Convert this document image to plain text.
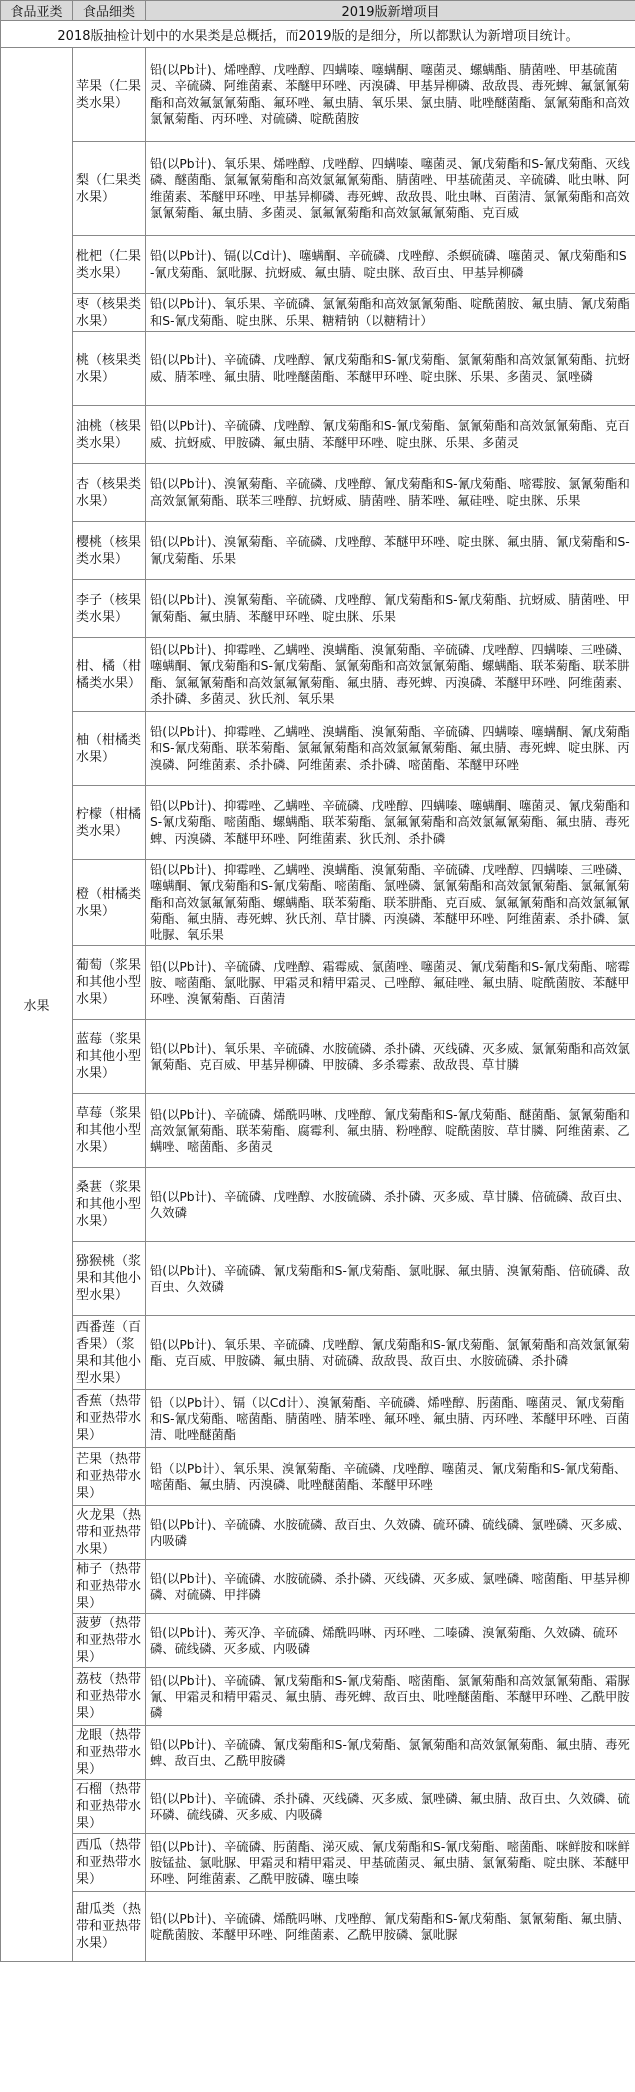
食品亚类	食品细类	2019版新增项目
2018版抽检计划中的水果类是总概括，而2019版的是细分，所以都默认为新增项目统计。		
水果	苹果（仁果类水果）	铅(以Pb计)、烯唑醇、戊唑醇、四螨嗪、噻螨酮、噻菌灵、螺螨酯、腈菌唑、甲基硫菌灵、辛硫磷、阿维菌素、苯醚甲环唑、丙溴磷、甲基异柳磷、敌敌畏、毒死蜱、氟氯氰菊酯和高效氟氯氰菊酯、氟环唑、氟虫腈、氧乐果、氯虫腈、吡唑醚菌酯、氯氰菊酯和高效氯氰菊酯、丙环唑、对硫磷、啶酰菌胺
	梨（仁果类水果）	铅(以Pb计)、氧乐果、烯唑醇、戊唑醇、四螨嗪、噻菌灵、氰戊菊酯和S-氰戊菊酯、灭线磷、醚菌酯、氯氟氰菊酯和高效氯氟氰菊酯、腈菌唑、甲基硫菌灵、辛硫磷、吡虫啉、阿维菌素、苯醚甲环唑、甲基异柳磷、毒死蜱、敌敌畏、吡虫啉、百菌清、氯氰菊酯和高效氯氰菊酯、氟虫腈、多菌灵、氯氟氰菊酯和高效氯氟氰菊酯、克百威
	枇杷（仁果类水果）	铅(以Pb计)、镉(以Cd计)、噻螨酮、辛硫磷、戊唑醇、杀螟硫磷、噻菌灵、氰戊菊酯和S-氰戊菊酯、氯吡脲、抗蚜威、氟虫腈、啶虫脒、敌百虫、甲基异柳磷
	枣（核果类水果）	铅(以Pb计)、氧乐果、辛硫磷、氯氰菊酯和高效氯氰菊酯、啶酰菌胺、氟虫腈、氰戊菊酯和S-氰戊菊酯、啶虫脒、乐果、糖精钠（以糖精计）
	桃（核果类水果）	铅(以Pb计)、辛硫磷、戊唑醇、氰戊菊酯和S-氰戊菊酯、氯氰菊酯和高效氯氰菊酯、抗蚜威、腈苯唑、氟虫腈、吡唑醚菌酯、苯醚甲环唑、啶虫脒、乐果、多菌灵、氯唑磷
	油桃（核果类水果）	铅(以Pb计)、辛硫磷、戊唑醇、氰戊菊酯和S-氰戊菊酯、氯氰菊酯和高效氯氰菊酯、克百威、抗蚜威、甲胺磷、氟虫腈、苯醚甲环唑、啶虫脒、乐果、多菌灵
	杏（核果类水果）	铅(以Pb计)、溴氰菊酯、辛硫磷、戊唑醇、氰戊菊酯和S-氰戊菊酯、嘧霉胺、氯氰菊酯和高效氯氰菊酯、联苯三唑醇、抗蚜威、腈菌唑、腈苯唑、氟硅唑、啶虫脒、乐果
	樱桃（核果类水果）	铅(以Pb计)、溴氰菊酯、辛硫磷、戊唑醇、苯醚甲环唑、啶虫脒、氟虫腈、氰戊菊酯和S-氰戊菊酯、乐果
	李子（核果类水果）	铅(以Pb计)、溴氰菊酯、辛硫磷、戊唑醇、氰戊菊酯和S-氰戊菊酯、抗蚜威、腈菌唑、甲氰菊酯、氟虫腈、苯醚甲环唑、啶虫脒、乐果
	柑、橘（柑橘类水果）	铅(以Pb计)、抑霉唑、乙螨唑、溴螨酯、溴氰菊酯、辛硫磷、戊唑醇、四螨嗪、三唑磷、噻螨酮、氰戊菊酯和S-氰戊菊酯、氯氰菊酯和高效氯氰菊酯、螺螨酯、联苯菊酯、联苯肼酯、氯氟氰菊酯和高效氯氟氰菊酯、氟虫腈、毒死蜱、丙溴磷、苯醚甲环唑、阿维菌素、杀扑磷、多菌灵、狄氏剂、氧乐果
	柚（柑橘类水果）	铅(以Pb计)、抑霉唑、乙螨唑、溴螨酯、溴氰菊酯、辛硫磷、四螨嗪、噻螨酮、氰戊菊酯和S-氰戊菊酯、联苯菊酯、氯氟氰菊酯和高效氯氟氰菊酯、氟虫腈、毒死蜱、啶虫脒、丙溴磷、阿维菌素、杀扑磷、阿维菌素、杀扑磷、嘧菌酯、苯醚甲环唑
	柠檬（柑橘类水果）	铅(以Pb计)、抑霉唑、乙螨唑、辛硫磷、戊唑醇、四螨嗪、噻螨酮、噻菌灵、氰戊菊酯和S-氰戊菊酯、嘧菌酯、螺螨酯、联苯菊酯、氯氟氰菊酯和高效氯氟氰菊酯、氟虫腈、毒死蜱、丙溴磷、苯醚甲环唑、阿维菌素、狄氏剂、杀扑磷
	橙（柑橘类水果）	铅(以Pb计)、抑霉唑、乙螨唑、溴螨酯、溴氰菊酯、辛硫磷、戊唑醇、四螨嗪、三唑磷、噻螨酮、氰戊菊酯和S-氰戊菊酯、嘧菌酯、氯唑磷、氯氰菊酯和高效氯氰菊酯、氯氟氰菊酯和高效氯氟氰菊酯、螺螨酯、联苯菊酯、联苯肼酯、克百威、氯氟氰菊酯和高效氯氟氰菊酯、氟虫腈、毒死蜱、狄氏剂、草甘膦、丙溴磷、苯醚甲环唑、阿维菌素、杀扑磷、氯吡脲、氧乐果
	葡萄（浆果和其他小型水果）	铅(以Pb计)、辛硫磷、戊唑醇、霜霉威、氯菌唑、噻菌灵、氰戊菊酯和S-氰戊菊酯、嘧霉胺、嘧菌酯、氯吡脲、甲霜灵和精甲霜灵、己唑醇、氟硅唑、氟虫腈、啶酰菌胺、苯醚甲环唑、溴氰菊酯、百菌清
	蓝莓（浆果和其他小型水果）	铅(以Pb计)、氧乐果、辛硫磷、水胺硫磷、杀扑磷、灭线磷、灭多威、氯氰菊酯和高效氯氰菊酯、克百威、甲基异柳磷、甲胺磷、多杀霉素、敌敌畏、草甘膦
	草莓（浆果和其他小型水果）	铅(以Pb计)、辛硫磷、烯酰吗啉、戊唑醇、氰戊菊酯和S-氰戊菊酯、醚菌酯、氯氰菊酯和高效氯氰菊酯、联苯菊酯、腐霉利、氟虫腈、粉唑醇、啶酰菌胺、草甘膦、阿维菌素、乙螨唑、嘧菌酯、多菌灵
	桑葚（浆果和其他小型水果）	铅(以Pb计)、辛硫磷、戊唑醇、水胺硫磷、杀扑磷、灭多威、草甘膦、倍硫磷、敌百虫、久效磷
	猕猴桃（浆果和其他小型水果）	铅(以Pb计)、辛硫磷、氰戊菊酯和S-氰戊菊酯、氯吡脲、氟虫腈、溴氰菊酯、倍硫磷、敌百虫、久效磷
	西番莲（百香果）（浆果和其他小型水果）	铅(以Pb计)、氧乐果、辛硫磷、戊唑醇、氰戊菊酯和S-氰戊菊酯、氯氰菊酯和高效氯氰菊酯、克百威、甲胺磷、氟虫腈、对硫磷、敌敌畏、敌百虫、水胺硫磷、杀扑磷
	香蕉（热带和亚热带水果）	铅（以Pb计）、镉（以Cd计）、溴氰菊酯、辛硫磷、烯唑醇、肟菌酯、噻菌灵、氰戊菊酯和S-氰戊菊酯、嘧菌酯、腈菌唑、腈苯唑、氟环唑、氟虫腈、丙环唑、苯醚甲环唑、百菌清、吡唑醚菌酯
	芒果（热带和亚热带水果）	铅（以Pb计）、氧乐果、溴氰菊酯、辛硫磷、戊唑醇、噻菌灵、氰戊菊酯和S-氰戊菊酯、嘧菌酯、氟虫腈、丙溴磷、吡唑醚菌酯、苯醚甲环唑
	火龙果（热带和亚热带水果）	铅(以Pb计)、辛硫磷、水胺硫磷、敌百虫、久效磷、硫环磷、硫线磷、氯唑磷、灭多威、内吸磷
	柿子（热带和亚热带水果）	铅(以Pb计)、辛硫磷、水胺硫磷、杀扑磷、灭线磷、灭多威、氯唑磷、嘧菌酯、甲基异柳磷、对硫磷、甲拌磷
	菠萝（热带和亚热带水果）	铅(以Pb计)、莠灭净、辛硫磷、烯酰吗啉、丙环唑、二嗪磷、溴氰菊酯、久效磷、硫环磷、硫线磷、灭多威、内吸磷
	荔枝（热带和亚热带水果）	铅(以Pb计)、辛硫磷、氰戊菊酯和S-氰戊菊酯、嘧菌酯、氯氰菊酯和高效氯氰菊酯、霜脲氰、甲霜灵和精甲霜灵、氟虫腈、毒死蜱、敌百虫、吡唑醚菌酯、苯醚甲环唑、乙酰甲胺磷
	龙眼（热带和亚热带水果）	铅(以Pb计)、辛硫磷、氰戊菊酯和S-氰戊菊酯、氯氰菊酯和高效氯氰菊酯、氟虫腈、毒死蜱、敌百虫、乙酰甲胺磷
	石榴（热带和亚热带水果）	铅(以Pb计)、辛硫磷、杀扑磷、灭线磷、灭多威、氯唑磷、氟虫腈、敌百虫、久效磷、硫环磷、硫线磷、灭多威、内吸磷
	西瓜（热带和亚热带水果）	铅(以Pb计)、辛硫磷、肟菌酯、涕灭威、氰戊菊酯和S-氰戊菊酯、嘧菌酯、咪鲜胺和咪鲜胺锰盐、氯吡脲、甲霜灵和精甲霜灵、甲基硫菌灵、氟虫腈、氯氰菊酯、啶虫脒、苯醚甲环唑、阿维菌素、乙酰甲胺磷、噻虫嗪
	甜瓜类（热带和亚热带水果）	铅(以Pb计)、辛硫磷、烯酰吗啉、戊唑醇、氰戊菊酯和S-氰戊菊酯、氯氰菊酯、氟虫腈、啶酰菌胺、苯醚甲环唑、阿维菌素、乙酰甲胺磷、氯吡脲
